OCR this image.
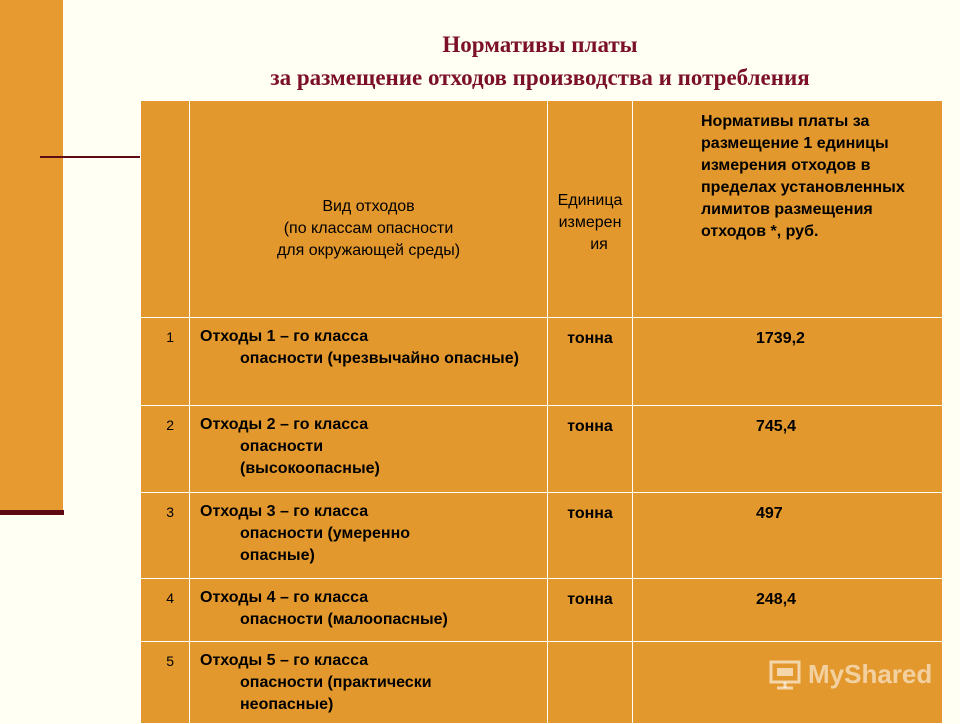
Нормативы платы
за размещение отходов производства и потребления

	Вид отходов
(по классам опасности
для окружающей среды)	Единица
измерен
ия	Нормативы платы за размещение 1 единицы измерения отходов в пределах установленных лимитов размещения отходов *, руб.
1	Отходы 1 – го класса
опасности (чрезвычайно опасные)	тонна	1739,2
2	Отходы 2 – го класса
опасности (высокоопасные)	тонна	745,4
3	Отходы 3 – го класса
опасности (умеренно опасные)	тонна	497
4	Отходы 4 – го класса
опасности (малоопасные)	тонна	248,4
5	Отходы 5 – го класса
опасности (практически неопасные)		

MyShared
